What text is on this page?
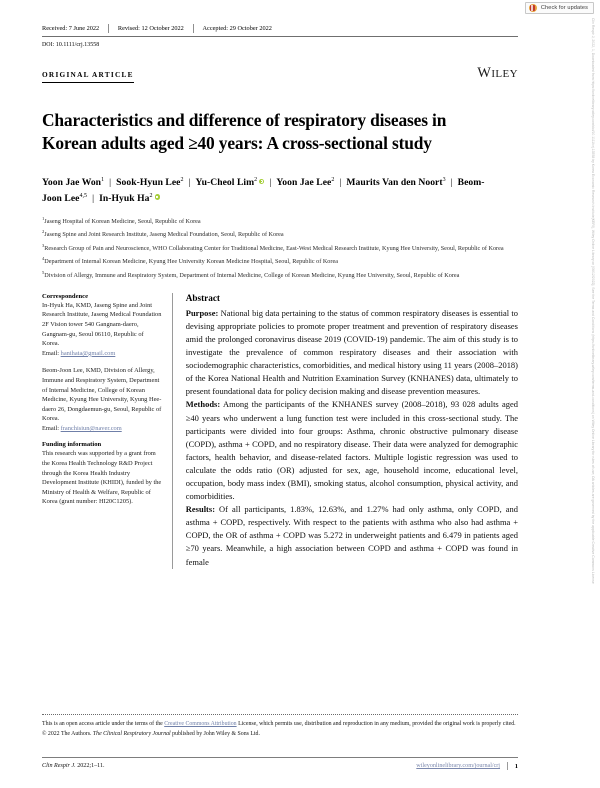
Check for updates
Clin Respir J, 2022, 1, Downloaded from https://onlinelibrary.wiley.com/doi/10.1111/crj.13558 by Korea Economic Research Institute(KERI), Wiley Online Library on [06/12/2022]. See the Terms and Conditions (https://onlinelibrary.wiley.com/terms-and-conditions) on Wiley Online Library for rules of use; OA articles are governed by the applicable Creative Commons License
Received: 7 June 2022	Revised: 12 October 2022	Accepted: 29 October 2022
DOI: 10.1111/crj.13558
ORIGINAL ARTICLE	WILEY
Characteristics and difference of respiratory diseases in Korean adults aged ≥40 years: A cross-sectional study
Yoon Jae Won$^1$ | Sook-Hyun Lee$^2$ | Yu-Cheol Lim$^2$ | Yoon Jae Lee$^2$ | Maurits Van den Noort$^3$ | Beom-Joon Lee$^{4,5}$ | In-Hyuk Ha$^2$
$^1$Jaseng Hospital of Korean Medicine, Seoul, Republic of Korea
$^2$Jaseng Spine and Joint Research Institute, Jaseng Medical Foundation, Seoul, Republic of Korea
$^3$Research Group of Pain and Neuroscience, WHO Collaborating Center for Traditional Medicine, East-West Medical Research Institute, Kyung Hee University, Seoul, Republic of Korea
$^4$Department of Internal Korean Medicine, Kyung Hee University Korean Medicine Hospital, Seoul, Republic of Korea
$^5$Division of Allergy, Immune and Respiratory System, Department of Internal Medicine, College of Korean Medicine, Kyung Hee University, Seoul, Republic of Korea
Correspondence

In-Hyuk Ha, KMD, Jaseng Spine and Joint Research Institute, Jaseng Medical Foundation 2F Vision tower 540 Gangnam-daero, Gangnam-gu, Seoul 06110, Republic of Korea.

Email: hanihata@gmail.com

Beom-Joon Lee, KMD, Division of Allergy, Immune and Respiratory System, Department of Internal Medicine, College of Korean Medicine, Kyung Hee University, Kyung Hee-daero 26, Dongdaemun-gu, Seoul, Republic of Korea.

Email: franchisiun@naver.com

Funding information

This research was supported by a grant from the Korea Health Technology R&D Project through the Korea Health Industry Development Institute (KHIDI), funded by the Ministry of Health & Welfare, Republic of Korea (grant number: HI20C1205).

Abstract

Purpose: National big data pertaining to the status of common respiratory diseases is essential to devising appropriate policies to promote proper treatment and prevention of respiratory diseases amid the prolonged coronavirus disease 2019 (COVID-19) pandemic. The aim of this study is to investigate the prevalence of common respiratory diseases and their association with sociodemographic characteristics, comorbidities, and medical history using 11 years (2008–2018) of the Korea National Health and Nutrition Examination Survey (KNHANES) data, ultimately to present foundational data for policy decision making and disease prevention measures.

Methods: Among the participants of the KNHANES survey (2008–2018), 93 028 adults aged ≥40 years who underwent a lung function test were included in this cross-sectional study. The participants were divided into four groups: Asthma, chronic obstructive pulmonary disease (COPD), asthma + COPD, and no respiratory disease. Their data were analyzed for demographic factors, health behavior, and disease-related factors. Multiple logistic regression was used to calculate the odds ratio (OR) adjusted for sex, age, household income, educational level, occupation, body mass index (BMI), smoking status, alcohol consumption, physical activity, and comorbidities.

Results: Of all participants, 1.83%, 12.63%, and 1.27% had only asthma, only COPD, and asthma + COPD, respectively. With respect to the patients with asthma who also had asthma + COPD, the OR of asthma + COPD was 5.272 in underweight patients and 6.479 in patients aged ≥70 years. Meanwhile, a high association between COPD and asthma + COPD was found in female

This is an open access article under the terms of the Creative Commons Attribution License, which permits use, distribution and reproduction in any medium, provided the original work is properly cited.
© 2022 The Authors. The Clinical Respiratory Journal published by John Wiley & Sons Ltd.
Clin Respir J. 2022;1–11.	wileyonlinelibrary.com/journal/crj 1
